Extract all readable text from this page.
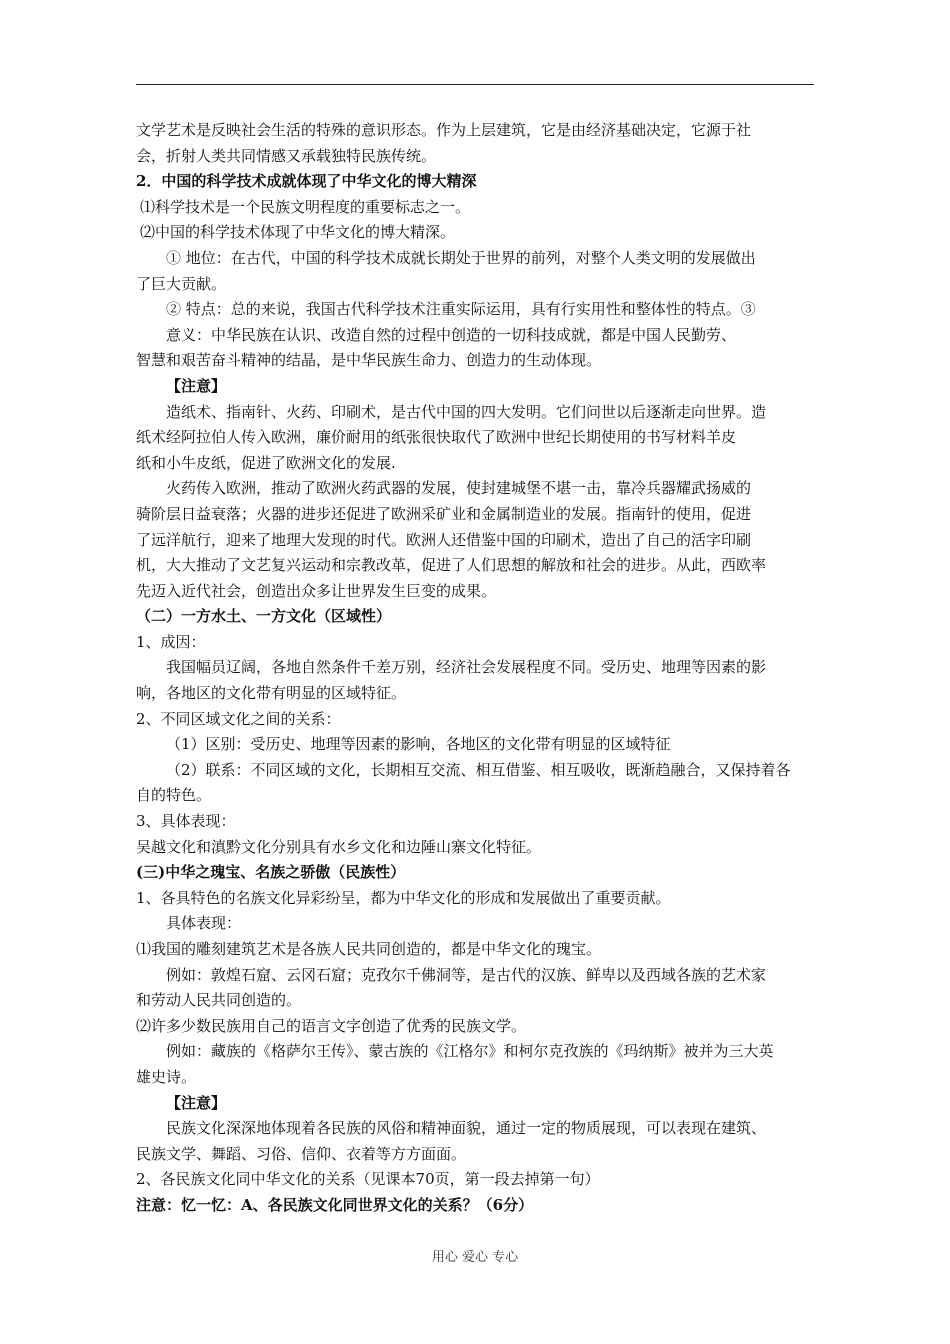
文学艺术是反映社会生活的特殊的意识形态。作为上层建筑，它是由经济基础决定，它源于社
会，折射人类共同情感又承载独特民族传统。
2．中国的科学技术成就体现了中华文化的博大精深
⑴科学技术是一个民族文明程度的重要标志之一。
⑵中国的科学技术体现了中华文化的博大精深。
① 地位：在古代，中国的科学技术成就长期处于世界的前列，对整个人类文明的发展做出
了巨大贡献。
② 特点：总的来说，我国古代科学技术注重实际运用，具有行实用性和整体性的特点。③
意义：中华民族在认识、改造自然的过程中创造的一切科技成就，都是中国人民勤劳、
智慧和艰苦奋斗精神的结晶，是中华民族生命力、创造力的生动体现。
【注意】
造纸术、指南针、火药、印刷术，是古代中国的四大发明。它们问世以后逐渐走向世界。造
纸术经阿拉伯人传入欧洲，廉价耐用的纸张很快取代了欧洲中世纪长期使用的书写材料羊皮
纸和小牛皮纸，促进了欧洲文化的发展.
火药传入欧洲，推动了欧洲火药武器的发展，使封建城堡不堪一击，靠冷兵器耀武扬威的
骑阶层日益衰落；火器的进步还促进了欧洲采矿业和金属制造业的发展。指南针的使用，促进
了远洋航行，迎来了地理大发现的时代。欧洲人还借鉴中国的印刷术，造出了自己的活字印刷
机，大大推动了文艺复兴运动和宗教改革，促进了人们思想的解放和社会的进步。从此，西欧率
先迈入近代社会，创造出众多让世界发生巨变的成果。
（二）一方水土、一方文化（区域性）
1、成因：
我国幅员辽阔，各地自然条件千差万别，经济社会发展程度不同。受历史、地理等因素的影
响，各地区的文化带有明显的区域特征。
2、不同区域文化之间的关系：
（1）区别：受历史、地理等因素的影响，各地区的文化带有明显的区域特征
（2）联系：不同区域的文化，长期相互交流、相互借鉴、相互吸收，既渐趋融合，又保持着各
自的特色。
3、具体表现：
吴越文化和滇黔文化分别具有水乡文化和边陲山寨文化特征。
(三)中华之瑰宝、名族之骄傲（民族性）
1、各具特色的名族文化异彩纷呈，都为中华文化的形成和发展做出了重要贡献。
具体表现：
⑴我国的雕刻建筑艺术是各族人民共同创造的，都是中华文化的瑰宝。
例如：敦煌石窟、云冈石窟；克孜尔千佛洞等，是古代的汉族、鲜卑以及西域各族的艺术家
和劳动人民共同创造的。
⑵许多少数民族用自己的语言文字创造了优秀的民族文学。
例如：藏族的《格萨尔王传》、蒙古族的《江格尔》和柯尔克孜族的《玛纳斯》被并为三大英
雄史诗。
【注意】
民族文化深深地体现着各民族的风俗和精神面貌，通过一定的物质展现，可以表现在建筑、
民族文学、舞蹈、习俗、信仰、衣着等方方面面。
2、各民族文化同中华文化的关系（见课本70页，第一段去掉第一句）
注意：忆一忆：A、各民族文化同世界文化的关系？（6分）
用心 爱心 专心
